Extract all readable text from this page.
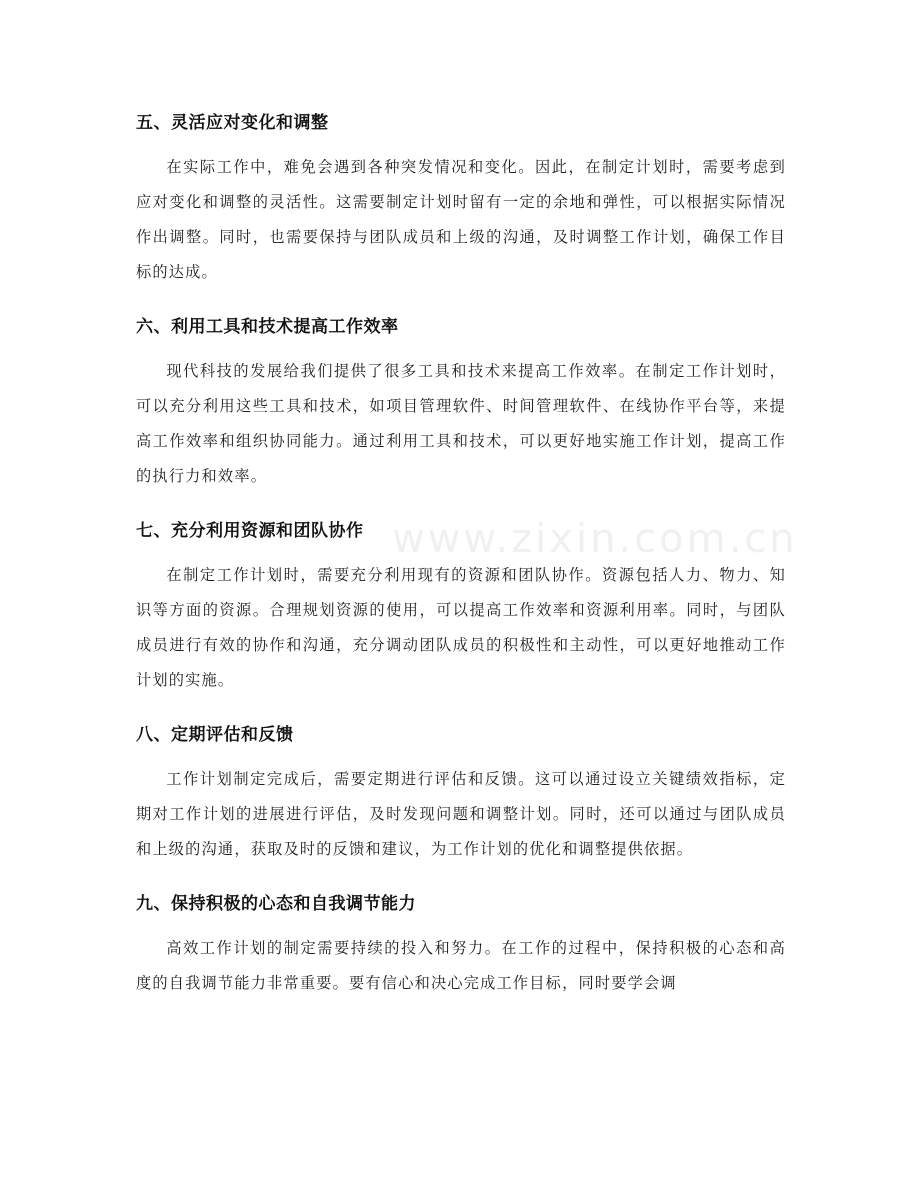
五、灵活应对变化和调整

在实际工作中，难免会遇到各种突发情况和变化。因此，在制定计划时，需要考虑到应对变化和调整的灵活性。这需要制定计划时留有一定的余地和弹性，可以根据实际情况作出调整。同时，也需要保持与团队成员和上级的沟通，及时调整工作计划，确保工作目标的达成。

六、利用工具和技术提高工作效率

现代科技的发展给我们提供了很多工具和技术来提高工作效率。在制定工作计划时，可以充分利用这些工具和技术，如项目管理软件、时间管理软件、在线协作平台等，来提高工作效率和组织协同能力。通过利用工具和技术，可以更好地实施工作计划，提高工作的执行力和效率。

七、充分利用资源和团队协作

在制定工作计划时，需要充分利用现有的资源和团队协作。资源包括人力、物力、知识等方面的资源。合理规划资源的使用，可以提高工作效率和资源利用率。同时，与团队成员进行有效的协作和沟通，充分调动团队成员的积极性和主动性，可以更好地推动工作计划的实施。

八、定期评估和反馈

工作计划制定完成后，需要定期进行评估和反馈。这可以通过设立关键绩效指标，定期对工作计划的进展进行评估，及时发现问题和调整计划。同时，还可以通过与团队成员和上级的沟通，获取及时的反馈和建议，为工作计划的优化和调整提供依据。

九、保持积极的心态和自我调节能力

高效工作计划的制定需要持续的投入和努力。在工作的过程中，保持积极的心态和高度的自我调节能力非常重要。要有信心和决心完成工作目标，同时要学会调

www.zixin.com.cn
